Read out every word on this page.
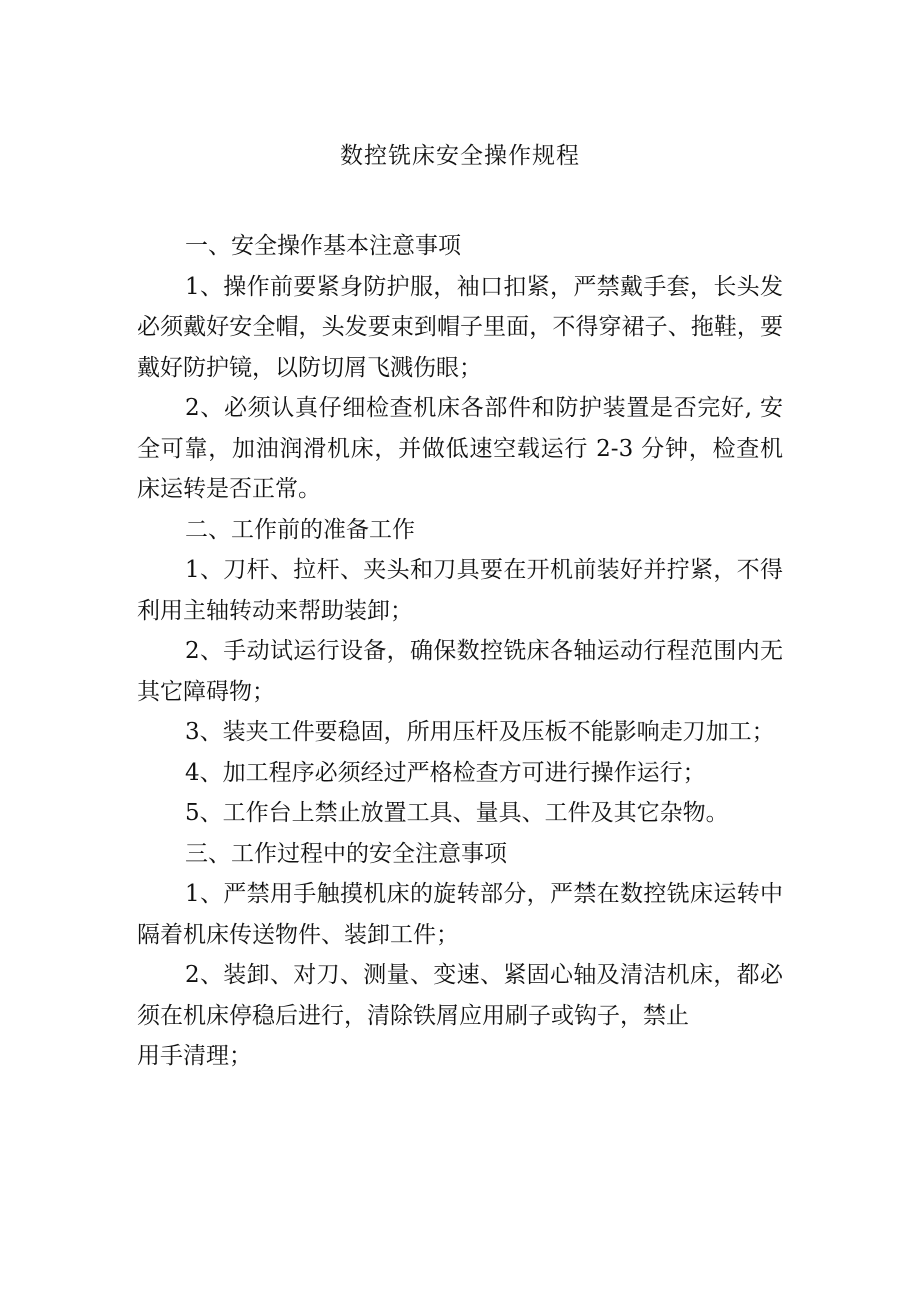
数控铣床安全操作规程

一、安全操作基本注意事项

1、操作前要紧身防护服，袖口扣紧，严禁戴手套，长头发必须戴好安全帽，头发要束到帽子里面，不得穿裙子、拖鞋，要戴好防护镜，以防切屑飞溅伤眼；

2、必须认真仔细检查机床各部件和防护装置是否完好, 安全可靠，加油润滑机床，并做低速空载运行 2-3 分钟，检查机床运转是否正常。

二、工作前的准备工作

1、刀杆、拉杆、夹头和刀具要在开机前装好并拧紧，不得利用主轴转动来帮助装卸；

2、手动试运行设备，确保数控铣床各轴运动行程范围内无其它障碍物；

3、装夹工件要稳固，所用压杆及压板不能影响走刀加工；

4、加工程序必须经过严格检查方可进行操作运行；

5、工作台上禁止放置工具、量具、工件及其它杂物。

三、工作过程中的安全注意事项

1、严禁用手触摸机床的旋转部分，严禁在数控铣床运转中隔着机床传送物件、装卸工件；

2、装卸、对刀、测量、变速、紧固心轴及清洁机床，都必须在机床停稳后进行，清除铁屑应用刷子或钩子，禁止

用手清理；
